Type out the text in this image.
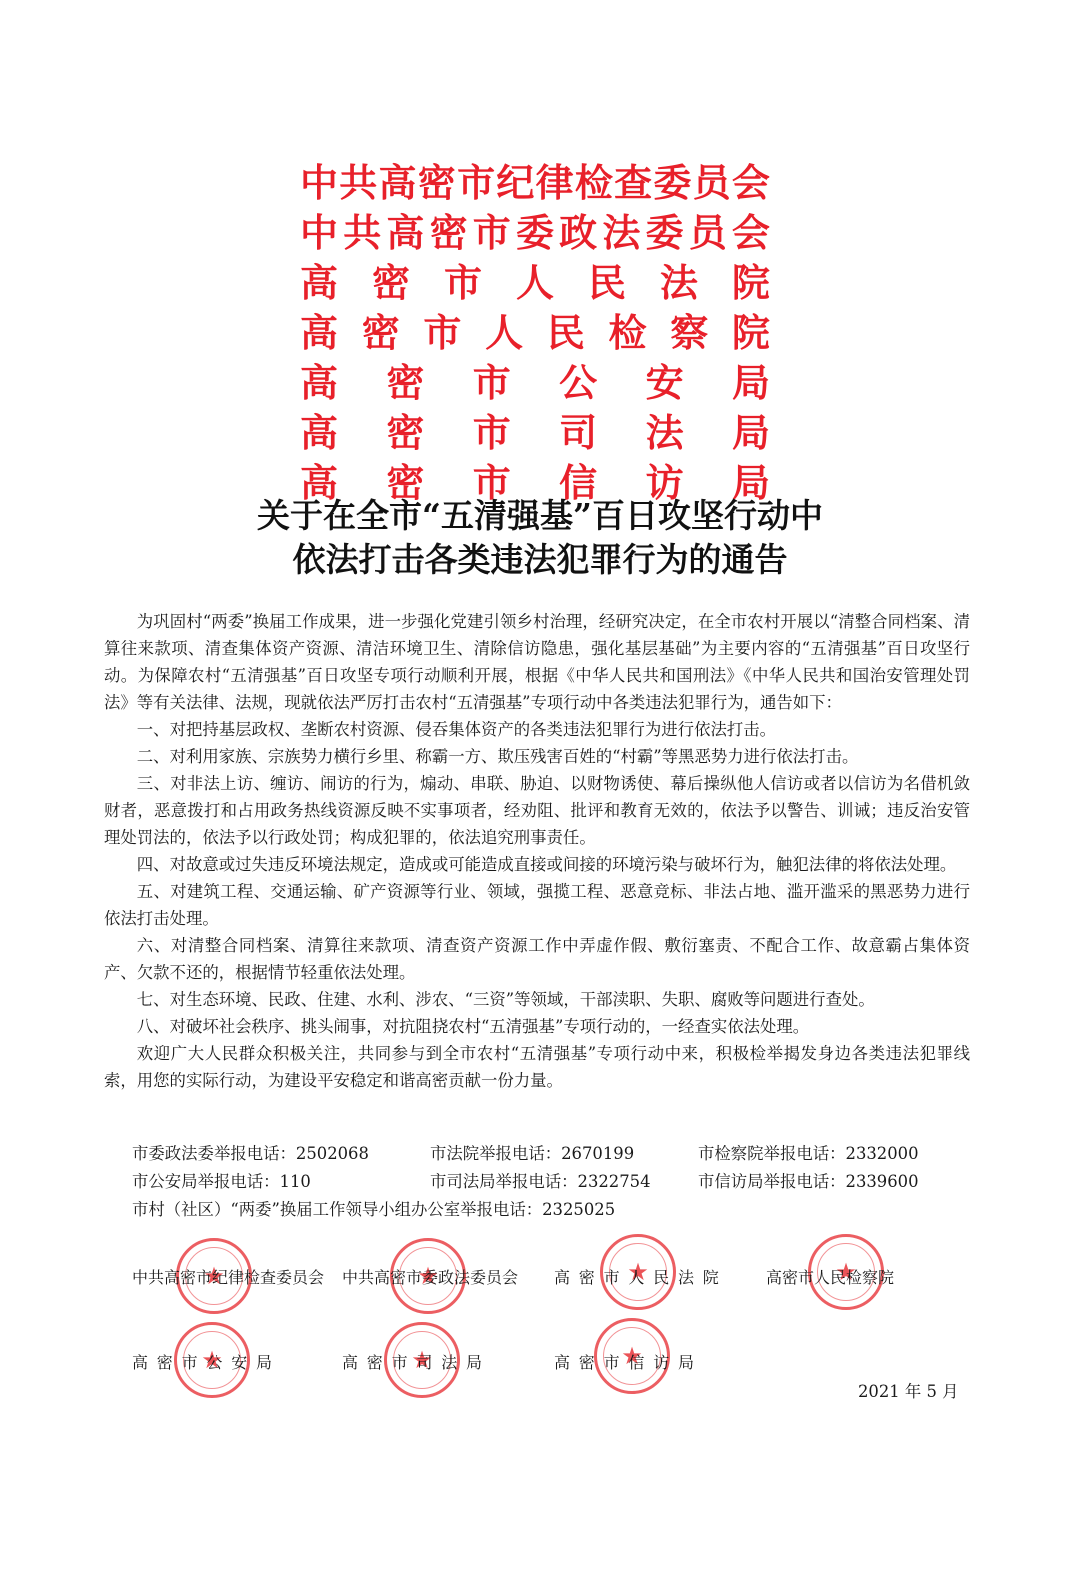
中 共 高 密 市 纪 律 检 查 委 员 会
中 共 高 密 市 委 政 法 委 员 会
高 密 市 人 民 法 院
高 密 市 人 民 检 察 院
高 密 市 公 安 局
高 密 市 司 法 局
高 密 市 信 访 局
关于在全市“五清强基”百日攻坚行动中
依法打击各类违法犯罪行为的通告

为巩固村“两委”换届工作成果，进一步强化党建引领乡村治理，经研究决定，在全市农村开展以“清整合同档案、清算往来款项、清查集体资产资源、清洁环境卫生、清除信访隐患，强化基层基础”为主要内容的“五清强基”百日攻坚行动。为保障农村“五清强基”百日攻坚专项行动顺利开展，根据《中华人民共和国刑法》《中华人民共和国治安管理处罚法》等有关法律、法规，现就依法严厉打击农村“五清强基”专项行动中各类违法犯罪行为，通告如下：

一、对把持基层政权、垄断农村资源、侵吞集体资产的各类违法犯罪行为进行依法打击。

二、对利用家族、宗族势力横行乡里、称霸一方、欺压残害百姓的“村霸”等黑恶势力进行依法打击。

三、对非法上访、缠访、闹访的行为，煽动、串联、胁迫、以财物诱使、幕后操纵他人信访或者以信访为名借机敛财者，恶意拨打和占用政务热线资源反映不实事项者，经劝阻、批评和教育无效的，依法予以警告、训诫；违反治安管理处罚法的，依法予以行政处罚；构成犯罪的，依法追究刑事责任。

四、对故意或过失违反环境法规定，造成或可能造成直接或间接的环境污染与破坏行为，触犯法律的将依法处理。

五、对建筑工程、交通运输、矿产资源等行业、领域，强揽工程、恶意竞标、非法占地、滥开滥采的黑恶势力进行依法打击处理。

六、对清整合同档案、清算往来款项、清查资产资源工作中弄虚作假、敷衍塞责、不配合工作、故意霸占集体资产、欠款不还的，根据情节轻重依法处理。

七、对生态环境、民政、住建、水利、涉农、“三资”等领域，干部渎职、失职、腐败等问题进行查处。

八、对破坏社会秩序、挑头闹事，对抗阻挠农村“五清强基”专项行动的，一经查实依法处理。

欢迎广大人民群众积极关注，共同参与到全市农村“五清强基”专项行动中来，积极检举揭发身边各类违法犯罪线索，用您的实际行动，为建设平安稳定和谐高密贡献一份力量。

市委政法委举报电话：2502068	市法院举报电话：2670199	市检察院举报电话：2332000
市公安局举报电话：110	市司法局举报电话：2322754	市信访局举报电话：2339600
市村（社区）“两委”换届工作领导小组办公室举报电话：2325025
★
★
★
★
★
★
★
中共高密市纪律检查委员会 中共高密市委政法委员会 高密市人民法院 高密市人民检察院
高密市公安局	高密市司法局	高密市信访局
2021 年 5 月
